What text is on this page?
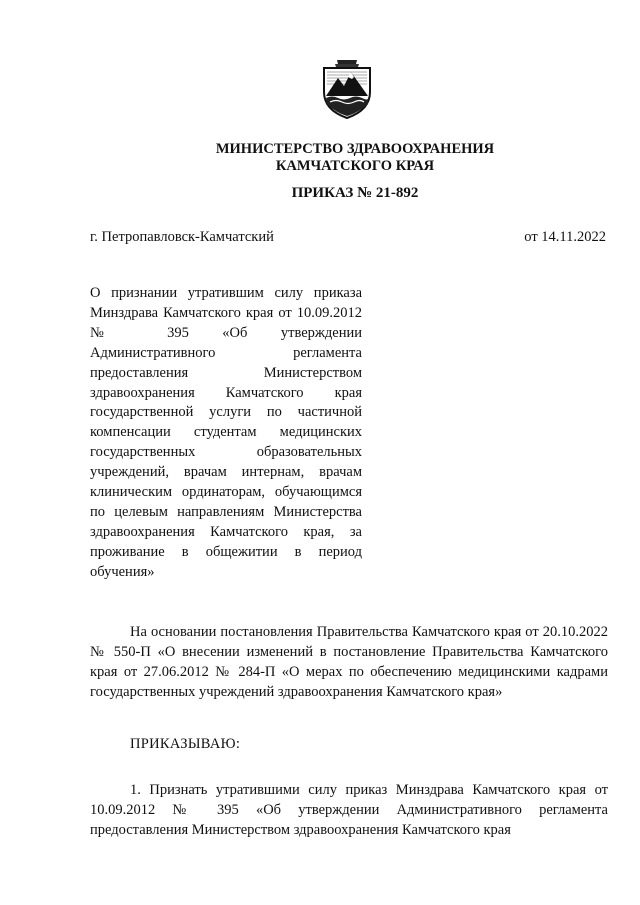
МИНИСТЕРСТВО ЗДРАВООХРАНЕНИЯ
КАМЧАТСКОГО КРАЯ
ПРИКАЗ № 21-892
г. Петропавловск-Камчатский	от 14.11.2022
О признании утратившим силу приказа Минздрава Камчатского края от 10.09.2012 № 395 «Об утверждении Административного регламента предоставления Министерством здравоохранения Камчатского края государственной услуги по частичной компенсации студентам медицинских государственных образовательных учреждений, врачам интернам, врачам клиническим ординаторам, обучающимся по целевым направлениям Министерства здравоохранения Камчатского края, за проживание в общежитии в период обучения»
На основании постановления Правительства Камчатского края от 20.10.2022 № 550-П «О внесении изменений в постановление Правительства Камчатского края от 27.06.2012 № 284-П «О мерах по обеспечению медицинскими кадрами государственных учреждений здравоохранения Камчатского края»
ПРИКАЗЫВАЮ:
1. Признать утратившими силу приказ Минздрава Камчатского края от 10.09.2012 № 395 «Об утверждении Административного регламента предоставления Министерством здравоохранения Камчатского края
